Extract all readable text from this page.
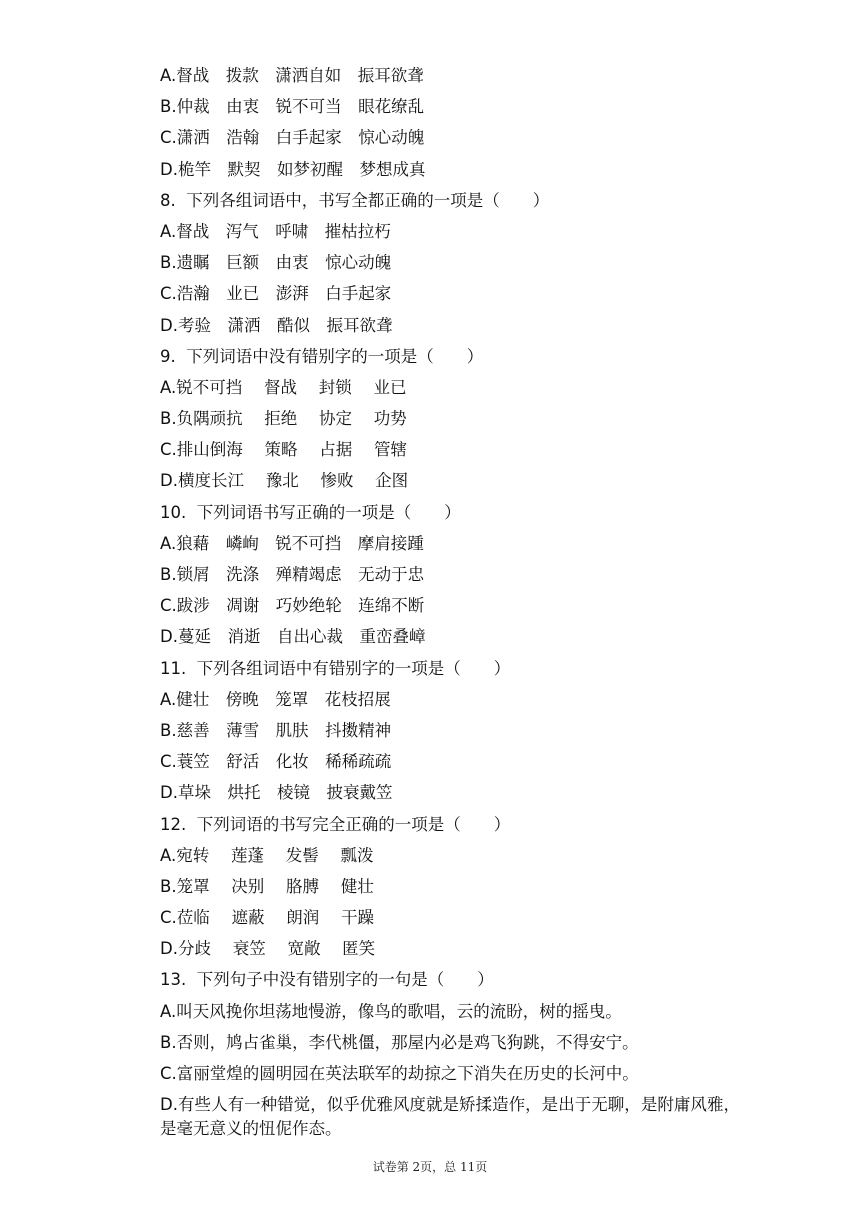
A.督战　拨款　潇洒自如　振耳欲聋

B.仲裁　由衷　锐不可当　眼花缭乱

C.潇洒　浩翰　白手起家　惊心动魄

D.桅竿　默契　如梦初醒　梦想成真

8.  下列各组词语中，书写全都正确的一项是（　　）

A.督战　泻气　呼啸　摧枯拉朽

B.遗瞩　巨额　由衷　惊心动魄

C.浩瀚　业已　澎湃　白手起家

D.考验　潇洒　酷似　振耳欲聋

9.  下列词语中没有错别字的一项是（　　）

A.锐不可挡　 督战　 封锁　 业已

B.负隅顽抗　 拒绝　 协定　 功势

C.排山倒海　 策略　 占据　 管辖

D.横度长江　 豫北　 惨败　 企图

10.  下列词语书写正确的一项是（　　）

A.狼藉　嶙峋　锐不可挡　摩肩接踵

B.锁屑　洗涤　殚精竭虑　无动于忠

C.跋涉　凋谢　巧妙绝轮　连绵不断

D.蔓延　消逝　自出心裁　重峦叠嶂

11.  下列各组词语中有错别字的一项是（　　）

A.健壮　傍晚　笼罩　花枝招展

B.慈善　薄雪　肌肤　抖擞精神

C.蓑笠　舒活　化妆　稀稀疏疏

D.草垛　烘托　棱镜　披衰戴笠

12.  下列词语的书写完全正确的一项是（　　）

A.宛转　 莲蓬　 发髻　 瓢泼

B.笼罩　 决别　 胳膊　 健壮

C.莅临　 遮蔽　 朗润　 干躁

D.分歧　 衰笠　 宽敞　 匿笑

13.  下列句子中没有错别字的一句是（　　）

A.叫天风挽你坦荡地慢游，像鸟的歌唱，云的流盼，树的摇曳。

B.否则，鸠占雀巢，李代桃僵，那屋内必是鸡飞狗跳，不得安宁。

C.富丽堂煌的圆明园在英法联军的劫掠之下消失在历史的长河中。

D.有些人有一种错觉，似乎优雅风度就是矫揉造作，是出于无聊，是附庸风雅，是毫无意义的忸伲作态。

试卷第 2页，总 11页
